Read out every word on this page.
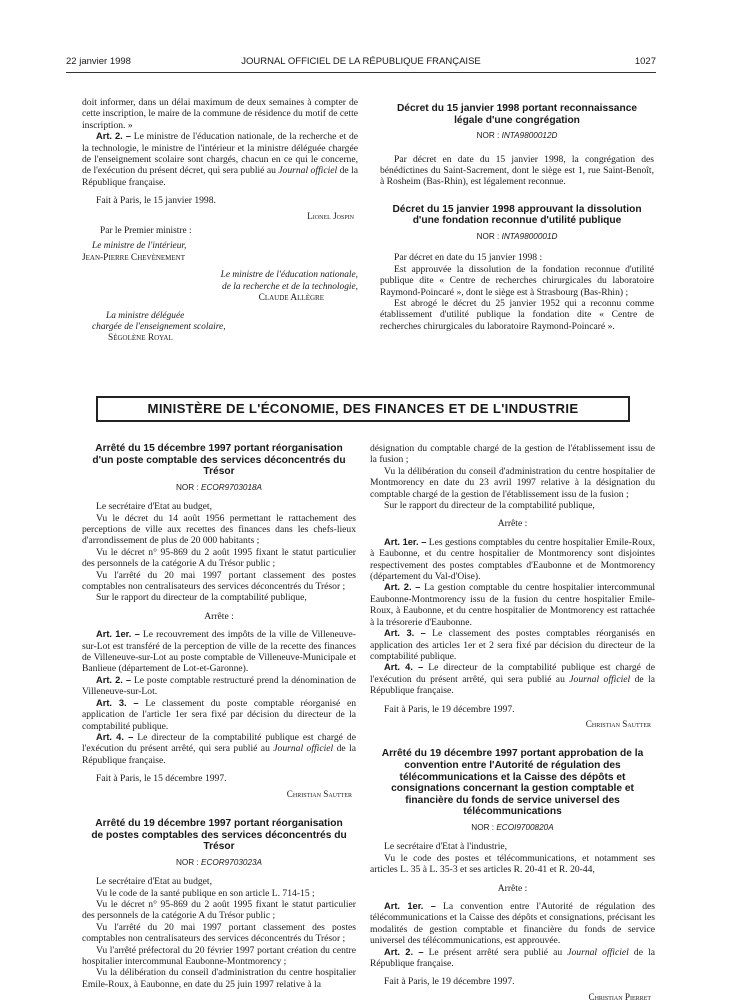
22 janvier 1998	JOURNAL OFFICIEL DE LA RÉPUBLIQUE FRANÇAISE	1027

doit informer, dans un délai maximum de deux semaines à compter de cette inscription, le maire de la commune de résidence du motif de cette inscription. »

Art. 2. – Le ministre de l'éducation nationale, de la recherche et de la technologie, le ministre de l'intérieur et la ministre déléguée chargée de l'enseignement scolaire sont chargés, chacun en ce qui le concerne, de l'exécution du présent décret, qui sera publié au Journal officiel de la République française.

Fait à Paris, le 15 janvier 1998.

Lionel Jospin
Par le Premier ministre :
Le ministre de l'intérieur,
Jean-Pierre Chevènement
Le ministre de l'éducation nationale,
de la recherche et de la technologie,
Claude Allègre
La ministre déléguée
chargée de l'enseignement scolaire,
Ségolène Royal
Décret du 15 janvier 1998 portant reconnaissance légale d'une congrégation
NOR : INTA9800012D

Par décret en date du 15 janvier 1998, la congrégation des bénédictines du Saint-Sacrement, dont le siège est 1, rue Saint-Benoît, à Rosheim (Bas-Rhin), est légalement reconnue.

Décret du 15 janvier 1998 approuvant la dissolution d'une fondation reconnue d'utilité publique
NOR : INTA9800001D

Par décret en date du 15 janvier 1998 :

Est approuvée la dissolution de la fondation reconnue d'utilité publique dite « Centre de recherches chirurgicales du laboratoire Raymond-Poincaré », dont le siège est à Strasbourg (Bas-Rhin) ;

Est abrogé le décret du 25 janvier 1952 qui a reconnu comme établissement d'utilité publique la fondation dite « Centre de recherches chirurgicales du laboratoire Raymond-Poincaré ».

MINISTÈRE DE L'ÉCONOMIE, DES FINANCES ET DE L'INDUSTRIE
Arrêté du 15 décembre 1997 portant réorganisation d'un poste comptable des services déconcentrés du Trésor
NOR : ECOR9703018A

Le secrétaire d'Etat au budget,

Vu le décret du 14 août 1956 permettant le rattachement des perceptions de ville aux recettes des finances dans les chefs-lieux d'arrondissement de plus de 20 000 habitants ;

Vu le décret n° 95-869 du 2 août 1995 fixant le statut particulier des personnels de la catégorie A du Trésor public ;

Vu l'arrêté du 20 mai 1997 portant classement des postes comptables non centralisateurs des services déconcentrés du Trésor ;

Sur le rapport du directeur de la comptabilité publique,

Arrête :

Art. 1er. – Le recouvrement des impôts de la ville de Villeneuve-sur-Lot est transféré de la perception de ville de la recette des finances de Villeneuve-sur-Lot au poste comptable de Villeneuve-Municipale et Banlieue (département de Lot-et-Garonne).

Art. 2. – Le poste comptable restructuré prend la dénomination de Villeneuve-sur-Lot.

Art. 3. – Le classement du poste comptable réorganisé en application de l'article 1er sera fixé par décision du directeur de la comptabilité publique.

Art. 4. – Le directeur de la comptabilité publique est chargé de l'exécution du présent arrêté, qui sera publié au Journal officiel de la République française.

Fait à Paris, le 15 décembre 1997.

Christian Sautter
Arrêté du 19 décembre 1997 portant réorganisation de postes comptables des services déconcentrés du Trésor
NOR : ECOR9703023A

Le secrétaire d'Etat au budget,

Vu le code de la santé publique en son article L. 714-15 ;

Vu le décret n° 95-869 du 2 août 1995 fixant le statut particulier des personnels de la catégorie A du Trésor public ;

Vu l'arrêté du 20 mai 1997 portant classement des postes comptables non centralisateurs des services déconcentrés du Trésor ;

Vu l'arrêté préfectoral du 20 février 1997 portant création du centre hospitalier intercommunal Eaubonne-Montmorency ;

Vu la délibération du conseil d'administration du centre hospitalier Emile-Roux, à Eaubonne, en date du 25 juin 1997 relative à la

désignation du comptable chargé de la gestion de l'établissement issu de la fusion ;

Vu la délibération du conseil d'administration du centre hospitalier de Montmorency en date du 23 avril 1997 relative à la désignation du comptable chargé de la gestion de l'établissement issu de la fusion ;

Sur le rapport du directeur de la comptabilité publique,

Arrête :

Art. 1er. – Les gestions comptables du centre hospitalier Emile-Roux, à Eaubonne, et du centre hospitalier de Montmorency sont disjointes respectivement des postes comptables d'Eaubonne et de Montmorency (département du Val-d'Oise).

Art. 2. – La gestion comptable du centre hospitalier intercommunal Eaubonne-Montmorency issu de la fusion du centre hospitalier Emile-Roux, à Eaubonne, et du centre hospitalier de Montmorency est rattachée à la trésorerie d'Eaubonne.

Art. 3. – Le classement des postes comptables réorganisés en application des articles 1er et 2 sera fixé par décision du directeur de la comptabilité publique.

Art. 4. – Le directeur de la comptabilité publique est chargé de l'exécution du présent arrêté, qui sera publié au Journal officiel de la République française.

Fait à Paris, le 19 décembre 1997.

Christian Sautter
Arrêté du 19 décembre 1997 portant approbation de la convention entre l'Autorité de régulation des télécommunications et la Caisse des dépôts et consignations concernant la gestion comptable et financière du fonds de service universel des télécommunications
NOR : ECOI9700820A

Le secrétaire d'Etat à l'industrie,

Vu le code des postes et télécommunications, et notamment ses articles L. 35 à L. 35-3 et ses articles R. 20-41 et R. 20-44,

Arrête :

Art. 1er. – La convention entre l'Autorité de régulation des télécommunications et la Caisse des dépôts et consignations, précisant les modalités de gestion comptable et financière du fonds de service universel des télécommunications, est approuvée.

Art. 2. – Le présent arrêté sera publié au Journal officiel de la République française.

Fait à Paris, le 19 décembre 1997.

Christian Pierret
